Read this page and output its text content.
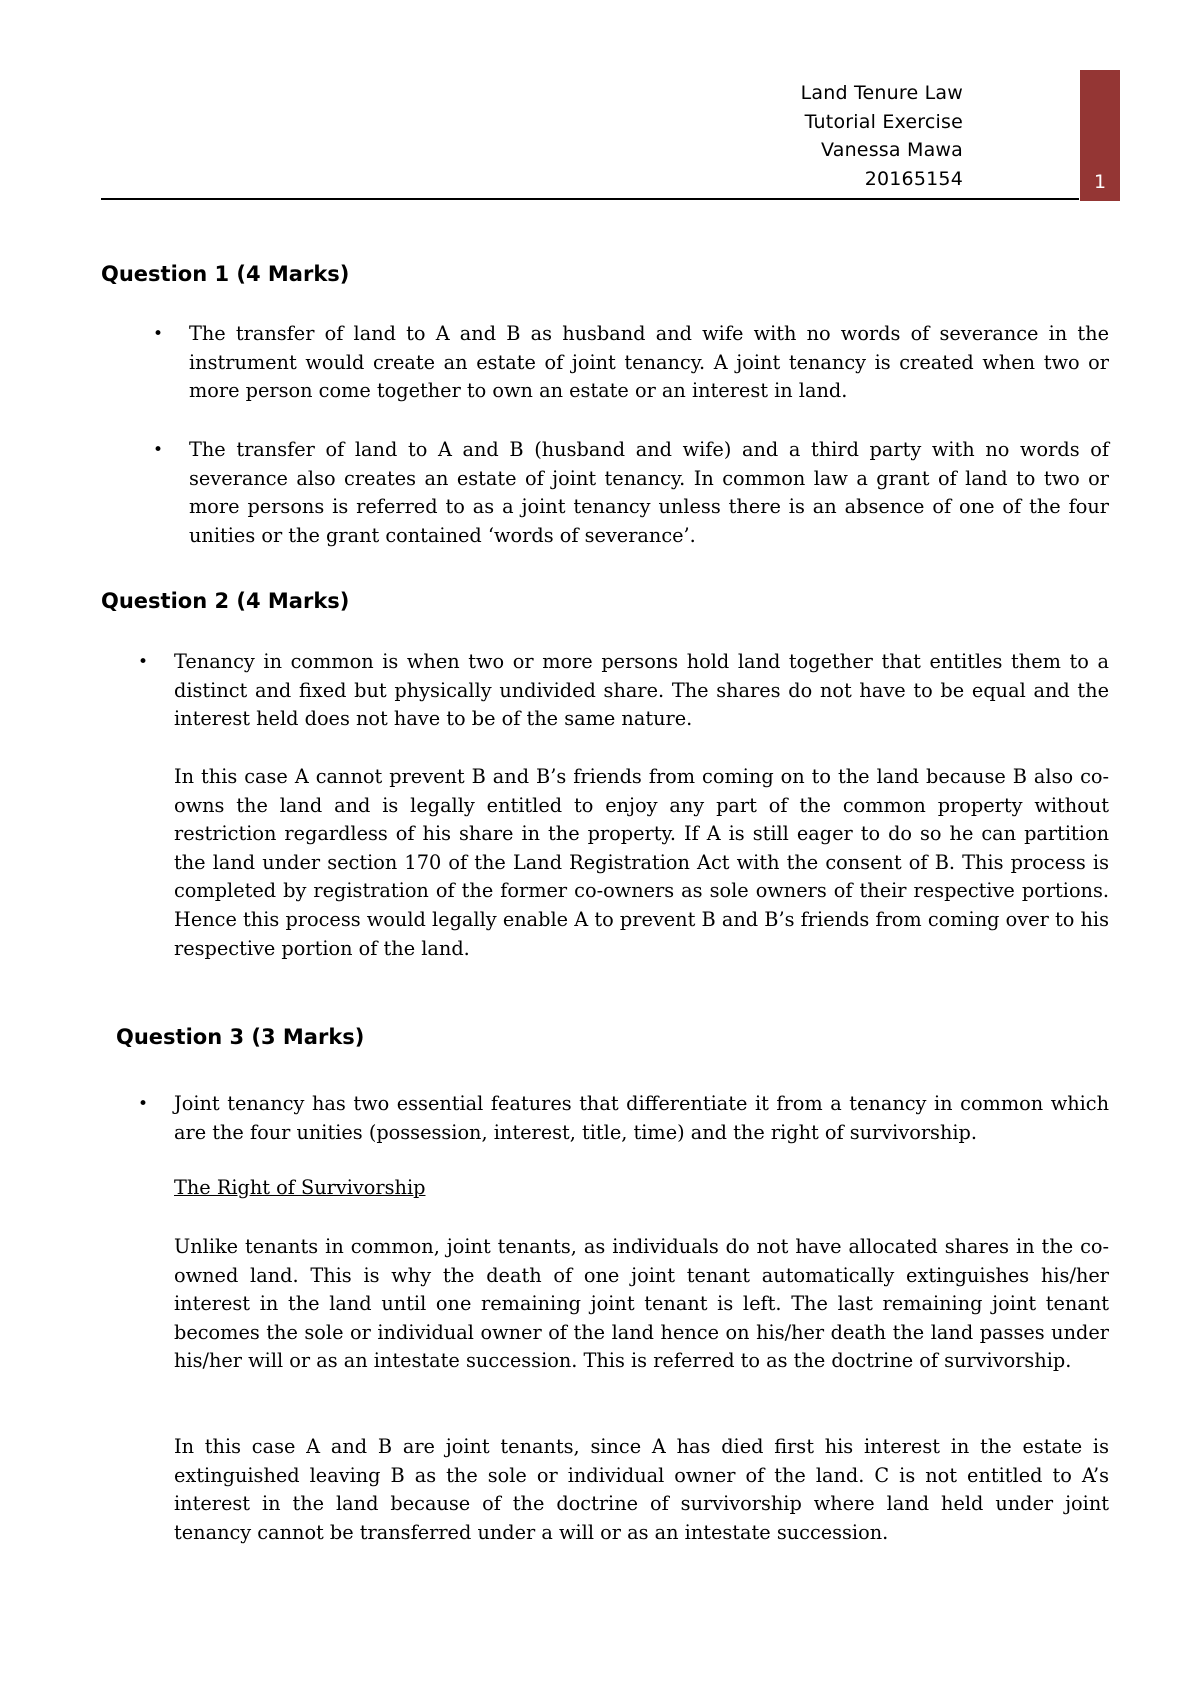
Land Tenure Law
Tutorial Exercise
Vanessa Mawa
20165154	1
Question 1 (4 Marks)
• The transfer of land to A and B as husband and wife with no words of severance in the instrument would create an estate of joint tenancy. A joint tenancy is created when two or more person come together to own an estate or an interest in land.

• The transfer of land to A and B (husband and wife) and a third party with no words of severance also creates an estate of joint tenancy. In common law a grant of land to two or more persons is referred to as a joint tenancy unless there is an absence of one of the four unities or the grant contained ‘words of severance’.

Question 2 (4 Marks)
• Tenancy in common is when two or more persons hold land together that entitles them to a distinct and fixed but physically undivided share. The shares do not have to be equal and the interest held does not have to be of the same nature.

In this case A cannot prevent B and B’s friends from coming on to the land because B also co-owns the land and is legally entitled to enjoy any part of the common property without restriction regardless of his share in the property. If A is still eager to do so he can partition the land under section 170 of the Land Registration Act with the consent of B. This process is completed by registration of the former co-owners as sole owners of their respective portions. Hence this process would legally enable A to prevent B and B’s friends from coming over to his respective portion of the land.

Question 3 (3 Marks)
• Joint tenancy has two essential features that differentiate it from a tenancy in common which are the four unities (possession, interest, title, time) and the right of survivorship.

The Right of Survivorship

Unlike tenants in common, joint tenants, as individuals do not have allocated shares in the co-owned land. This is why the death of one joint tenant automatically extinguishes his/her interest in the land until one remaining joint tenant is left. The last remaining joint tenant becomes the sole or individual owner of the land hence on his/her death the land passes under his/her will or as an intestate succession. This is referred to as the doctrine of survivorship.

In this case A and B are joint tenants, since A has died first his interest in the estate is extinguished leaving B as the sole or individual owner of the land. C is not entitled to A’s interest in the land because of the doctrine of survivorship where land held under joint tenancy cannot be transferred under a will or as an intestate succession.
